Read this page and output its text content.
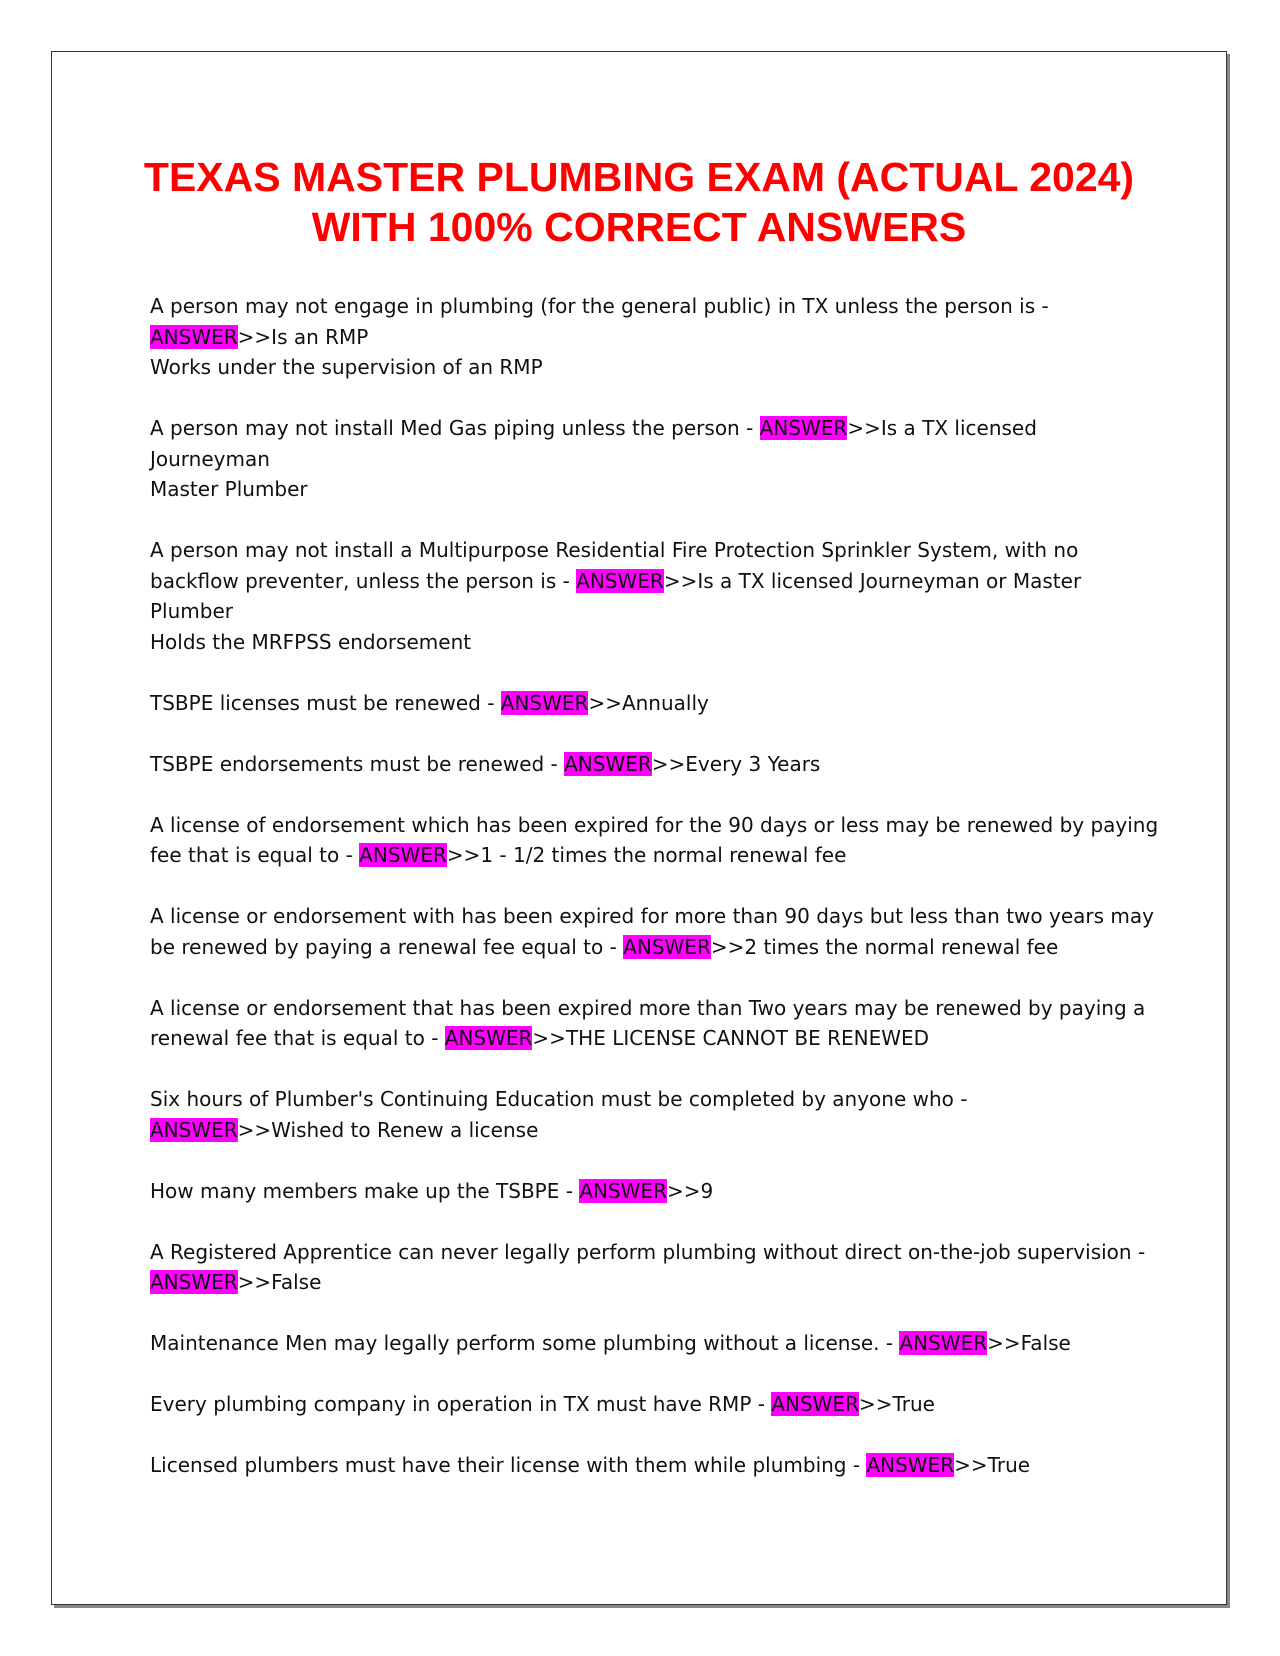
TEXAS MASTER PLUMBING EXAM (ACTUAL 2024) WITH 100% CORRECT ANSWERS
A person may not engage in plumbing (for the general public) in TX unless the person is - ANSWER>>Is an RMP
Works under the supervision of an RMP
A person may not install Med Gas piping unless the person - ANSWER>>Is a TX licensed Journeyman
Master Plumber
A person may not install a Multipurpose Residential Fire Protection Sprinkler System, with no backflow preventer, unless the person is - ANSWER>>Is a TX licensed Journeyman or Master Plumber
Holds the MRFPSS endorsement
TSBPE licenses must be renewed - ANSWER>>Annually
TSBPE endorsements must be renewed - ANSWER>>Every 3 Years
A license of endorsement which has been expired for the 90 days or less may be renewed by paying fee that is equal to - ANSWER>>1 - 1/2 times the normal renewal fee
A license or endorsement with has been expired for more than 90 days but less than two years may be renewed by paying a renewal fee equal to - ANSWER>>2 times the normal renewal fee
A license or endorsement that has been expired more than Two years may be renewed by paying a renewal fee that is equal to - ANSWER>>THE LICENSE CANNOT BE RENEWED
Six hours of Plumber's Continuing Education must be completed by anyone who - ANSWER>>Wished to Renew a license
How many members make up the TSBPE - ANSWER>>9
A Registered Apprentice can never legally perform plumbing without direct on-the-job supervision - ANSWER>>False
Maintenance Men may legally perform some plumbing without a license. - ANSWER>>False
Every plumbing company in operation in TX must have RMP - ANSWER>>True
Licensed plumbers must have their license with them while plumbing - ANSWER>>True
